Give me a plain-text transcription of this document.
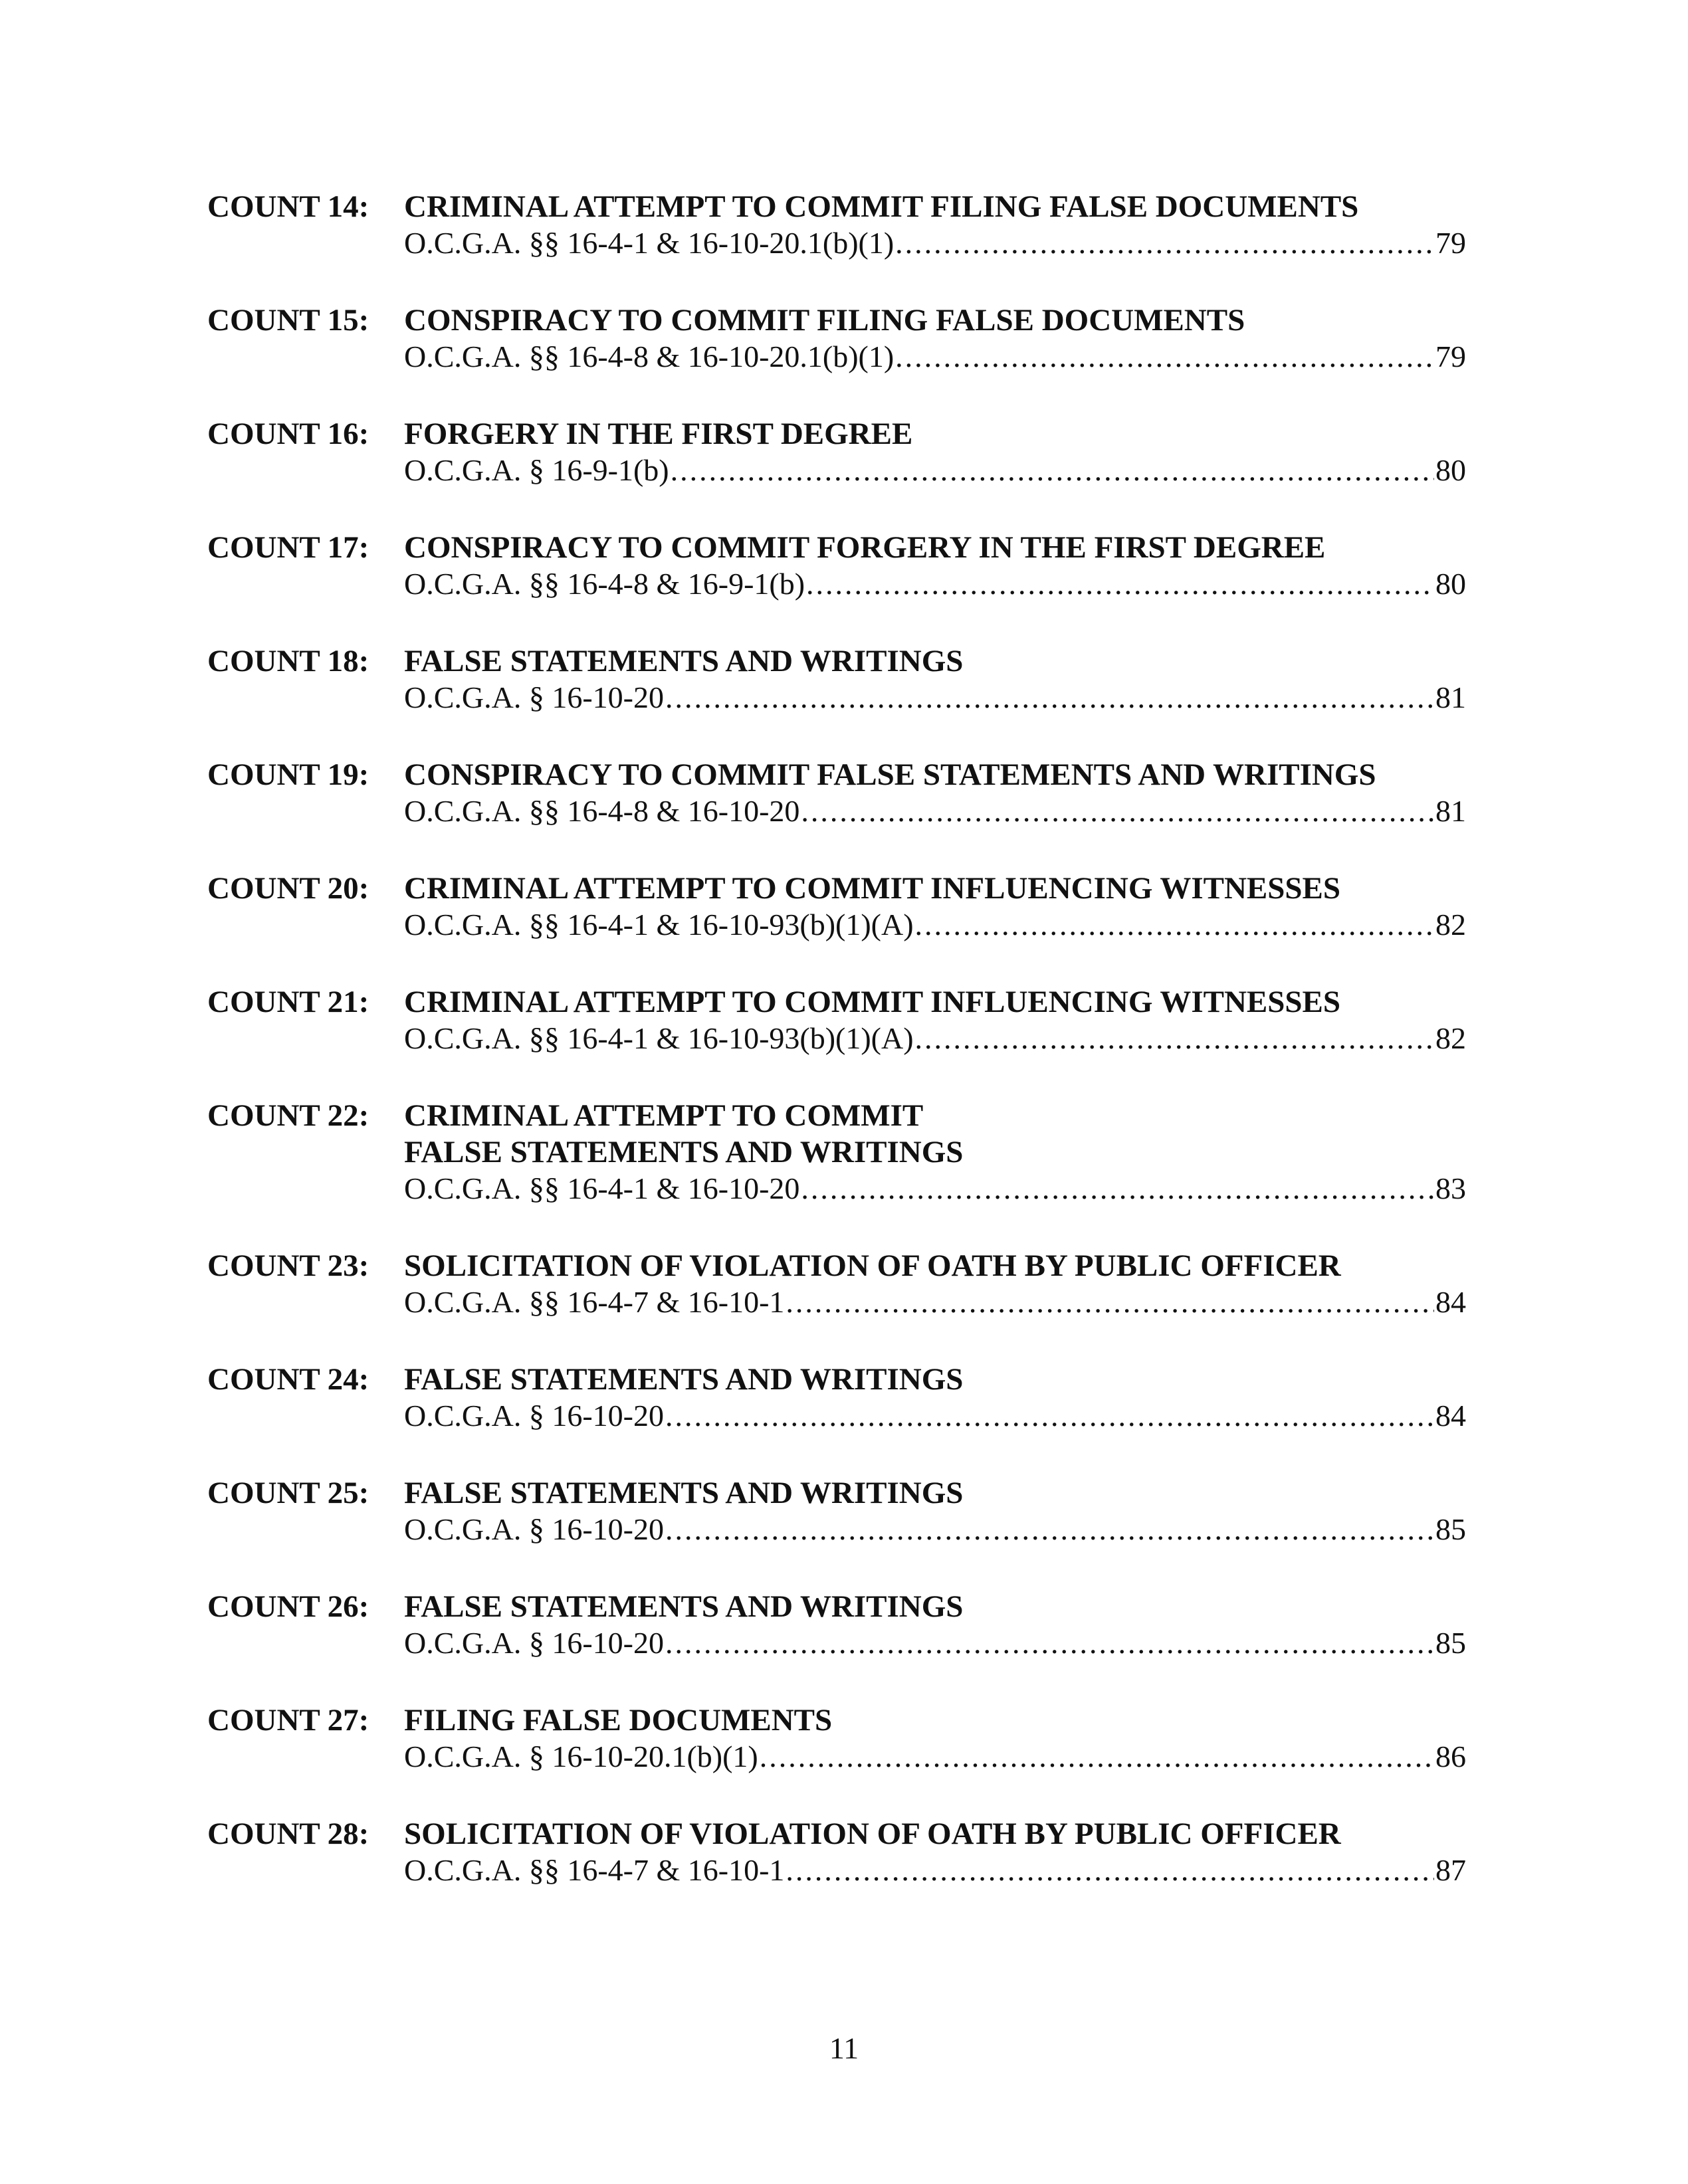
COUNT 14: CRIMINAL ATTEMPT TO COMMIT FILING FALSE DOCUMENTS
O.C.G.A. §§ 16-4-1 & 16-10-20.1(b)(1) .....	79
COUNT 15: CONSPIRACY TO COMMIT FILING FALSE DOCUMENTS
O.C.G.A. §§ 16-4-8 & 16-10-20.1(b)(1) .....	79
COUNT 16: FORGERY IN THE FIRST DEGREE
O.C.G.A. § 16-9-1(b) .....	80
COUNT 17: CONSPIRACY TO COMMIT FORGERY IN THE FIRST DEGREE
O.C.G.A. §§ 16-4-8 & 16-9-1(b) .....	80
COUNT 18: FALSE STATEMENTS AND WRITINGS
O.C.G.A. § 16-10-20 .....	81
COUNT 19: CONSPIRACY TO COMMIT FALSE STATEMENTS AND WRITINGS
O.C.G.A. §§ 16-4-8 & 16-10-20 .....	81
COUNT 20: CRIMINAL ATTEMPT TO COMMIT INFLUENCING WITNESSES
O.C.G.A. §§ 16-4-1 & 16-10-93(b)(1)(A) .....	82
COUNT 21: CRIMINAL ATTEMPT TO COMMIT INFLUENCING WITNESSES
O.C.G.A. §§ 16-4-1 & 16-10-93(b)(1)(A) .....	82
COUNT 22: CRIMINAL ATTEMPT TO COMMIT
FALSE STATEMENTS AND WRITINGS
O.C.G.A. §§ 16-4-1 & 16-10-20 .....	83
COUNT 23: SOLICITATION OF VIOLATION OF OATH BY PUBLIC OFFICER
O.C.G.A. §§ 16-4-7 & 16-10-1 .....	84
COUNT 24: FALSE STATEMENTS AND WRITINGS
O.C.G.A. § 16-10-20 .....	84
COUNT 25: FALSE STATEMENTS AND WRITINGS
O.C.G.A. § 16-10-20 .....	85
COUNT 26: FALSE STATEMENTS AND WRITINGS
O.C.G.A. § 16-10-20 .....	85
COUNT 27: FILING FALSE DOCUMENTS
O.C.G.A. § 16-10-20.1(b)(1) .....	86
COUNT 28: SOLICITATION OF VIOLATION OF OATH BY PUBLIC OFFICER
O.C.G.A. §§ 16-4-7 & 16-10-1 .....	87
11
